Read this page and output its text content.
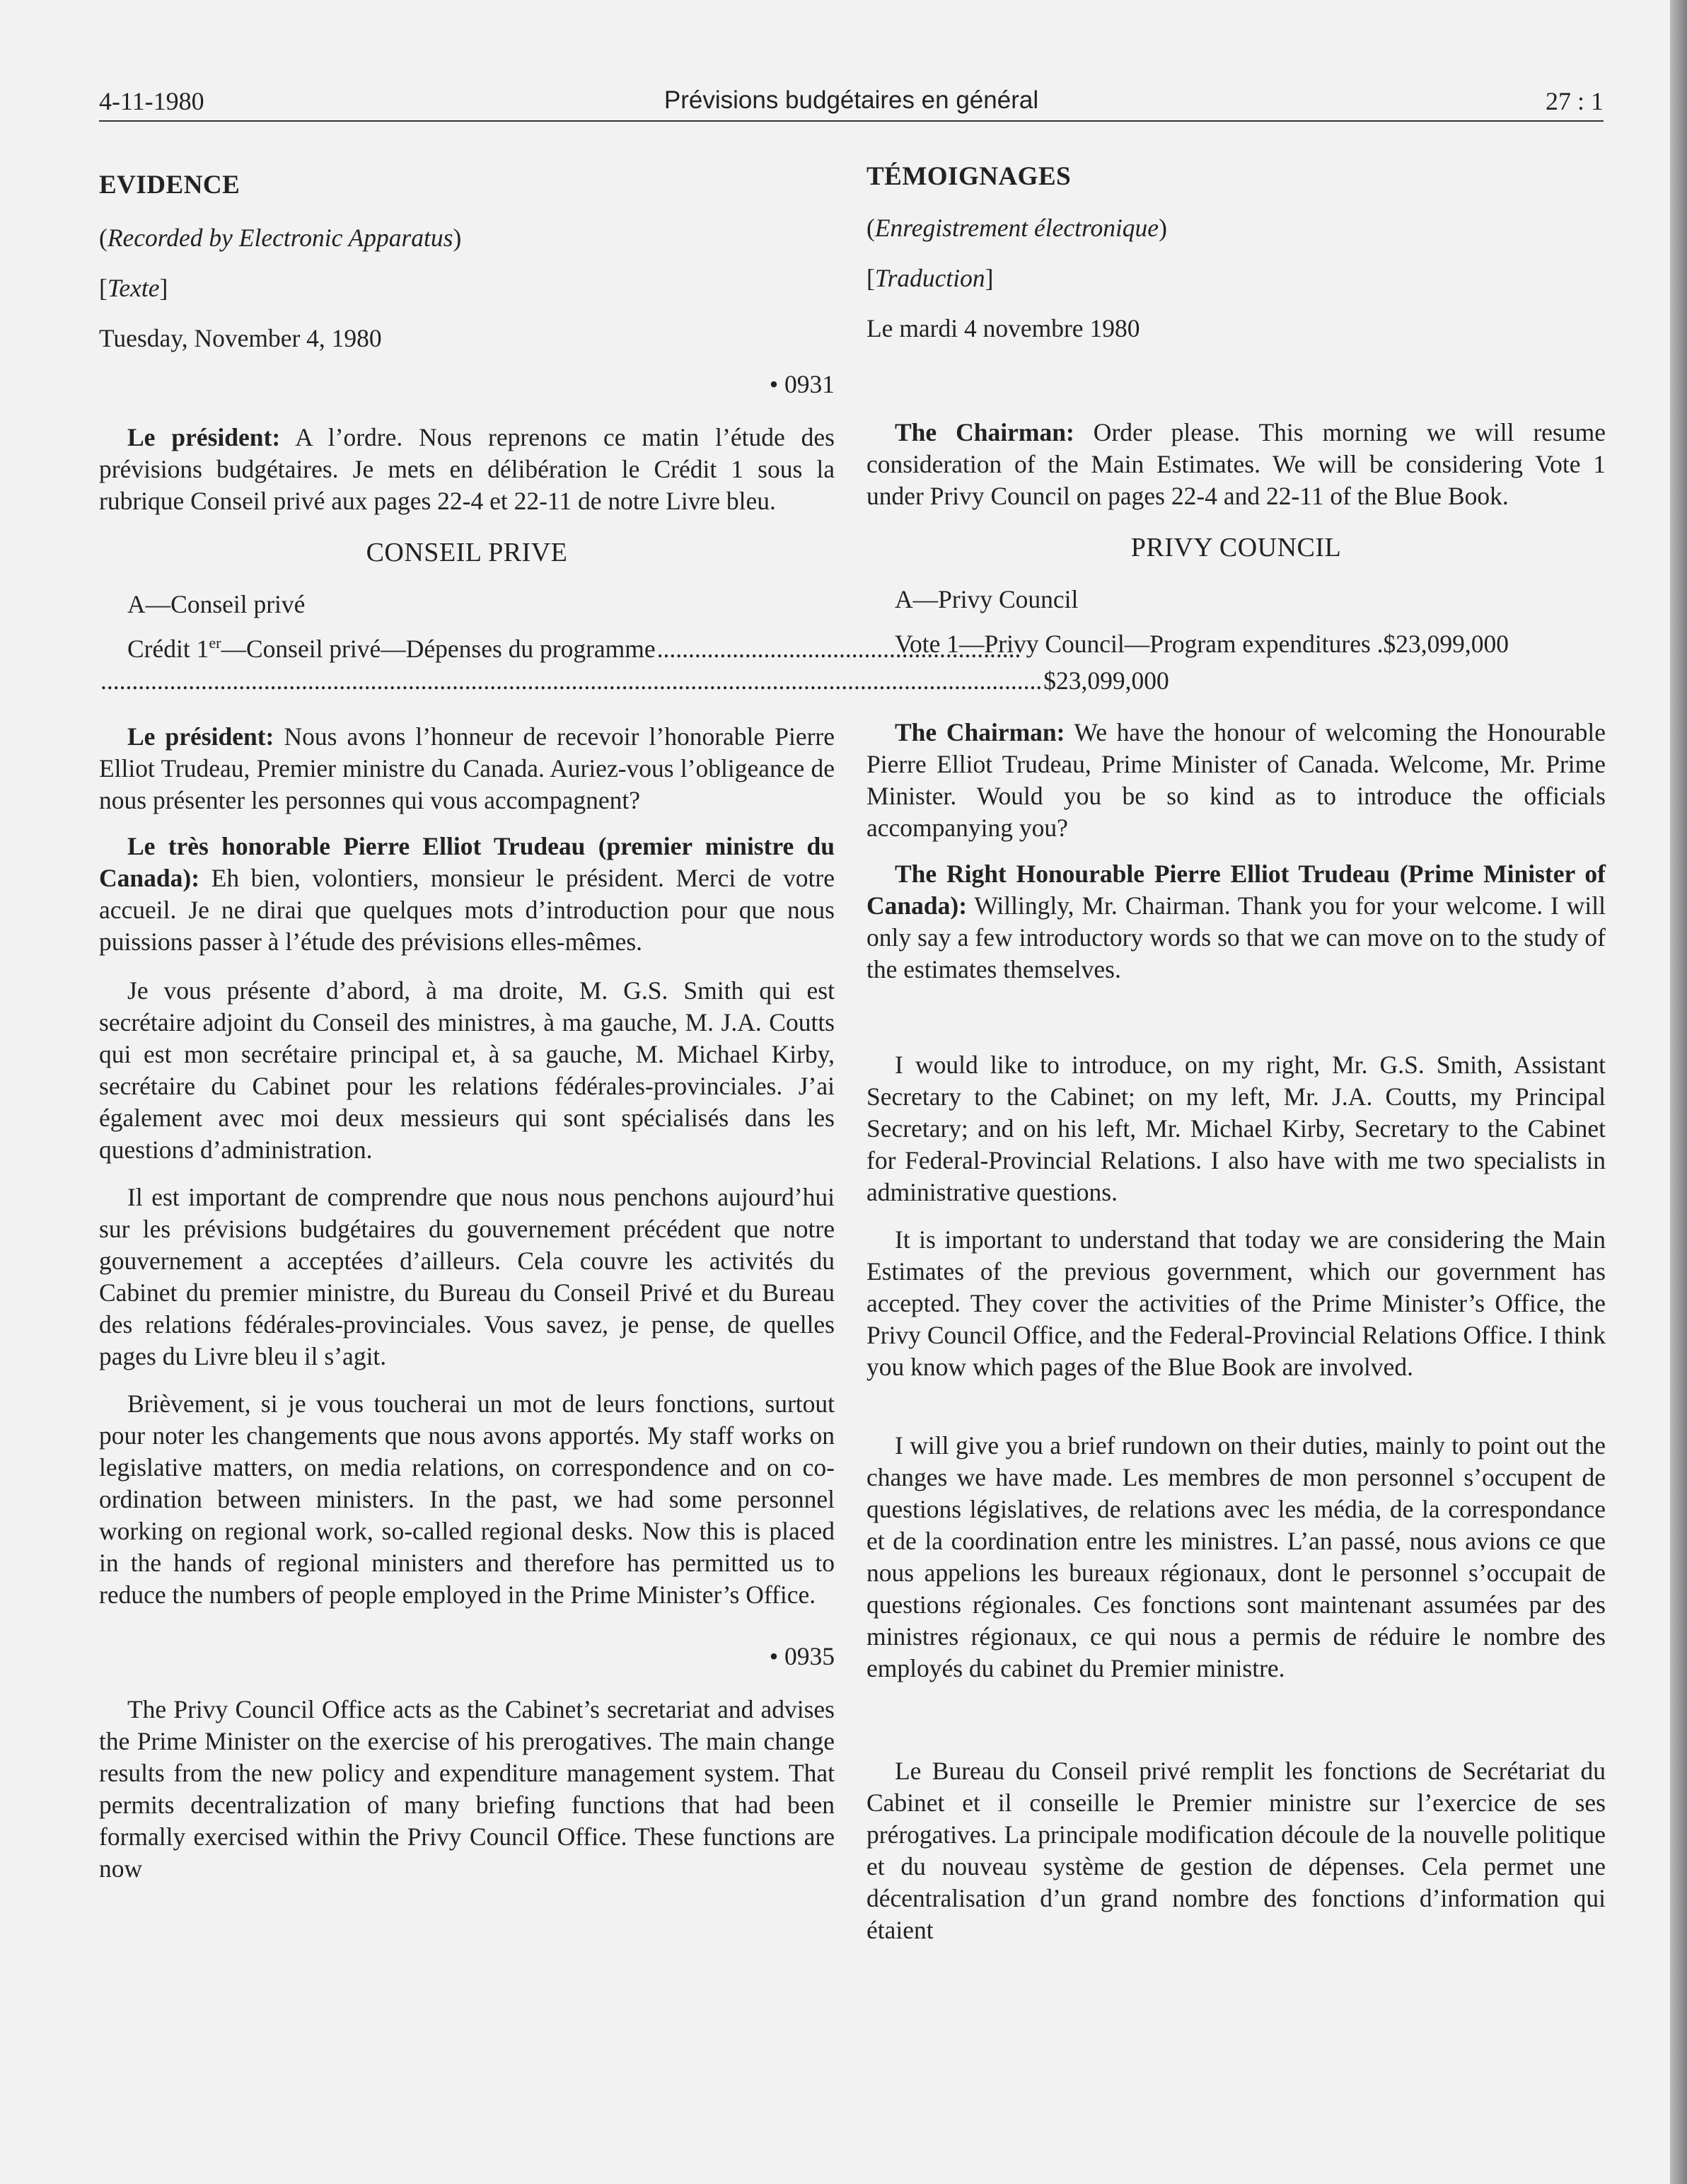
4-11-1980	Prévisions budgétaires en général	27 : 1
EVIDENCE
(Recorded by Electronic Apparatus)
[Texte]
Tuesday, November 4, 1980
• 0931

Le président: A l’ordre. Nous reprenons ce matin l’étude des prévisions budgétaires. Je mets en délibération le Crédit 1 sous la rubrique Conseil privé aux pages 22-4 et 22-11 de notre Livre bleu.

CONSEIL PRIVE
A—Conseil privé
Crédit 1er—Conseil privé—Dépenses du programme ..........................................................
...................................................................................................................................................... $23,099,000

Le président: Nous avons l’honneur de recevoir l’honorable Pierre Elliot Trudeau, Premier ministre du Canada. Auriez-vous l’obligeance de nous présenter les personnes qui vous accompagnent?

Le très honorable Pierre Elliot Trudeau (premier ministre du Canada): Eh bien, volontiers, monsieur le président. Merci de votre accueil. Je ne dirai que quelques mots d’introduction pour que nous puissions passer à l’étude des prévisions elles-mêmes.

Je vous présente d’abord, à ma droite, M. G.S. Smith qui est secrétaire adjoint du Conseil des ministres, à ma gauche, M. J.A. Coutts qui est mon secrétaire principal et, à sa gauche, M. Michael Kirby, secrétaire du Cabinet pour les relations fédérales-provinciales. J’ai également avec moi deux messieurs qui sont spécialisés dans les questions d’administration.

Il est important de comprendre que nous nous penchons aujourd’hui sur les prévisions budgétaires du gouvernement précédent que notre gouvernement a acceptées d’ailleurs. Cela couvre les activités du Cabinet du premier ministre, du Bureau du Conseil Privé et du Bureau des relations fédérales-provinciales. Vous savez, je pense, de quelles pages du Livre bleu il s’agit.

Brièvement, si je vous toucherai un mot de leurs fonctions, surtout pour noter les changements que nous avons apportés. My staff works on legislative matters, on media relations, on correspondence and on co-ordination between ministers. In the past, we had some personnel working on regional work, so-called regional desks. Now this is placed in the hands of regional ministers and therefore has permitted us to reduce the numbers of people employed in the Prime Minister’s Office.

• 0935

The Privy Council Office acts as the Cabinet’s secretariat and advises the Prime Minister on the exercise of his prerogatives. The main change results from the new policy and expenditure management system. That permits decentralization of many briefing functions that had been formally exercised within the Privy Council Office. These functions are now

TÉMOIGNAGES
(Enregistrement électronique)
[Traduction]
Le mardi 4 novembre 1980

The Chairman: Order please. This morning we will resume consideration of the Main Estimates. We will be considering Vote 1 under Privy Council on pages 22-4 and 22-11 of the Blue Book.

PRIVY COUNCIL
A—Privy Council
Vote 1—Privy Council—Program expenditures .$23,099,000

The Chairman: We have the honour of welcoming the Honourable Pierre Elliot Trudeau, Prime Minister of Canada. Welcome, Mr. Prime Minister. Would you be so kind as to introduce the officials accompanying you?

The Right Honourable Pierre Elliot Trudeau (Prime Minister of Canada): Willingly, Mr. Chairman. Thank you for your welcome. I will only say a few introductory words so that we can move on to the study of the estimates themselves.

I would like to introduce, on my right, Mr. G.S. Smith, Assistant Secretary to the Cabinet; on my left, Mr. J.A. Coutts, my Principal Secretary; and on his left, Mr. Michael Kirby, Secretary to the Cabinet for Federal-Provincial Relations. I also have with me two specialists in administrative questions.

It is important to understand that today we are considering the Main Estimates of the previous government, which our government has accepted. They cover the activities of the Prime Minister’s Office, the Privy Council Office, and the Federal-Provincial Relations Office. I think you know which pages of the Blue Book are involved.

I will give you a brief rundown on their duties, mainly to point out the changes we have made. Les membres de mon personnel s’occupent de questions législatives, de relations avec les média, de la correspondance et de la coordination entre les ministres. L’an passé, nous avions ce que nous appelions les bureaux régionaux, dont le personnel s’occupait de questions régionales. Ces fonctions sont maintenant assumées par des ministres régionaux, ce qui nous a permis de réduire le nombre des employés du cabinet du Premier ministre.

Le Bureau du Conseil privé remplit les fonctions de Secrétariat du Cabinet et il conseille le Premier ministre sur l’exercice de ses prérogatives. La principale modification découle de la nouvelle politique et du nouveau système de gestion de dépenses. Cela permet une décentralisation d’un grand nombre des fonctions d’information qui étaient
